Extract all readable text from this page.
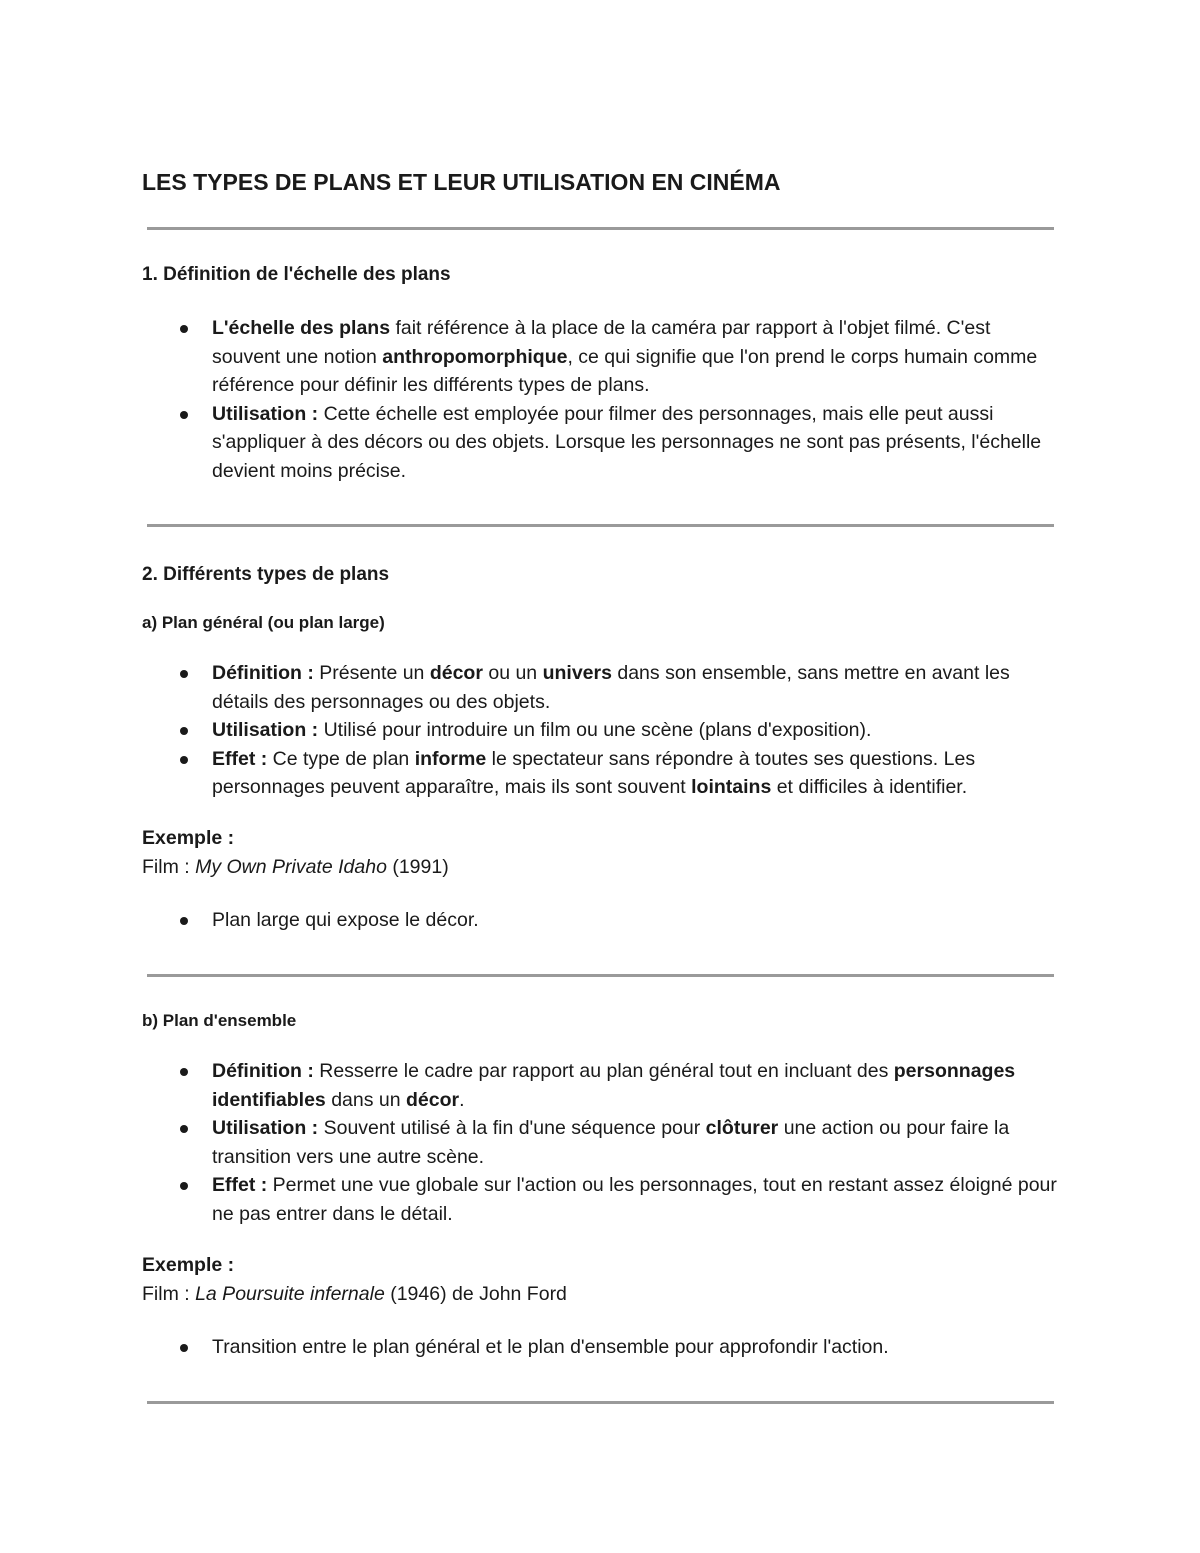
LES TYPES DE PLANS ET LEUR UTILISATION EN CINÉMA
1. Définition de l'échelle des plans
L'échelle des plans fait référence à la place de la caméra par rapport à l'objet filmé. C'est souvent une notion anthropomorphique, ce qui signifie que l'on prend le corps humain comme référence pour définir les différents types de plans.
Utilisation : Cette échelle est employée pour filmer des personnages, mais elle peut aussi s'appliquer à des décors ou des objets. Lorsque les personnages ne sont pas présents, l'échelle devient moins précise.
2. Différents types de plans
a) Plan général (ou plan large)
Définition : Présente un décor ou un univers dans son ensemble, sans mettre en avant les détails des personnages ou des objets.
Utilisation : Utilisé pour introduire un film ou une scène (plans d'exposition).
Effet : Ce type de plan informe le spectateur sans répondre à toutes ses questions. Les personnages peuvent apparaître, mais ils sont souvent lointains et difficiles à identifier.

Exemple :

Film : My Own Private Idaho (1991)

Plan large qui expose le décor.
b) Plan d'ensemble
Définition : Resserre le cadre par rapport au plan général tout en incluant des personnages identifiables dans un décor.
Utilisation : Souvent utilisé à la fin d'une séquence pour clôturer une action ou pour faire la transition vers une autre scène.
Effet : Permet une vue globale sur l'action ou les personnages, tout en restant assez éloigné pour ne pas entrer dans le détail.

Exemple :

Film : La Poursuite infernale (1946) de John Ford

Transition entre le plan général et le plan d'ensemble pour approfondir l'action.
